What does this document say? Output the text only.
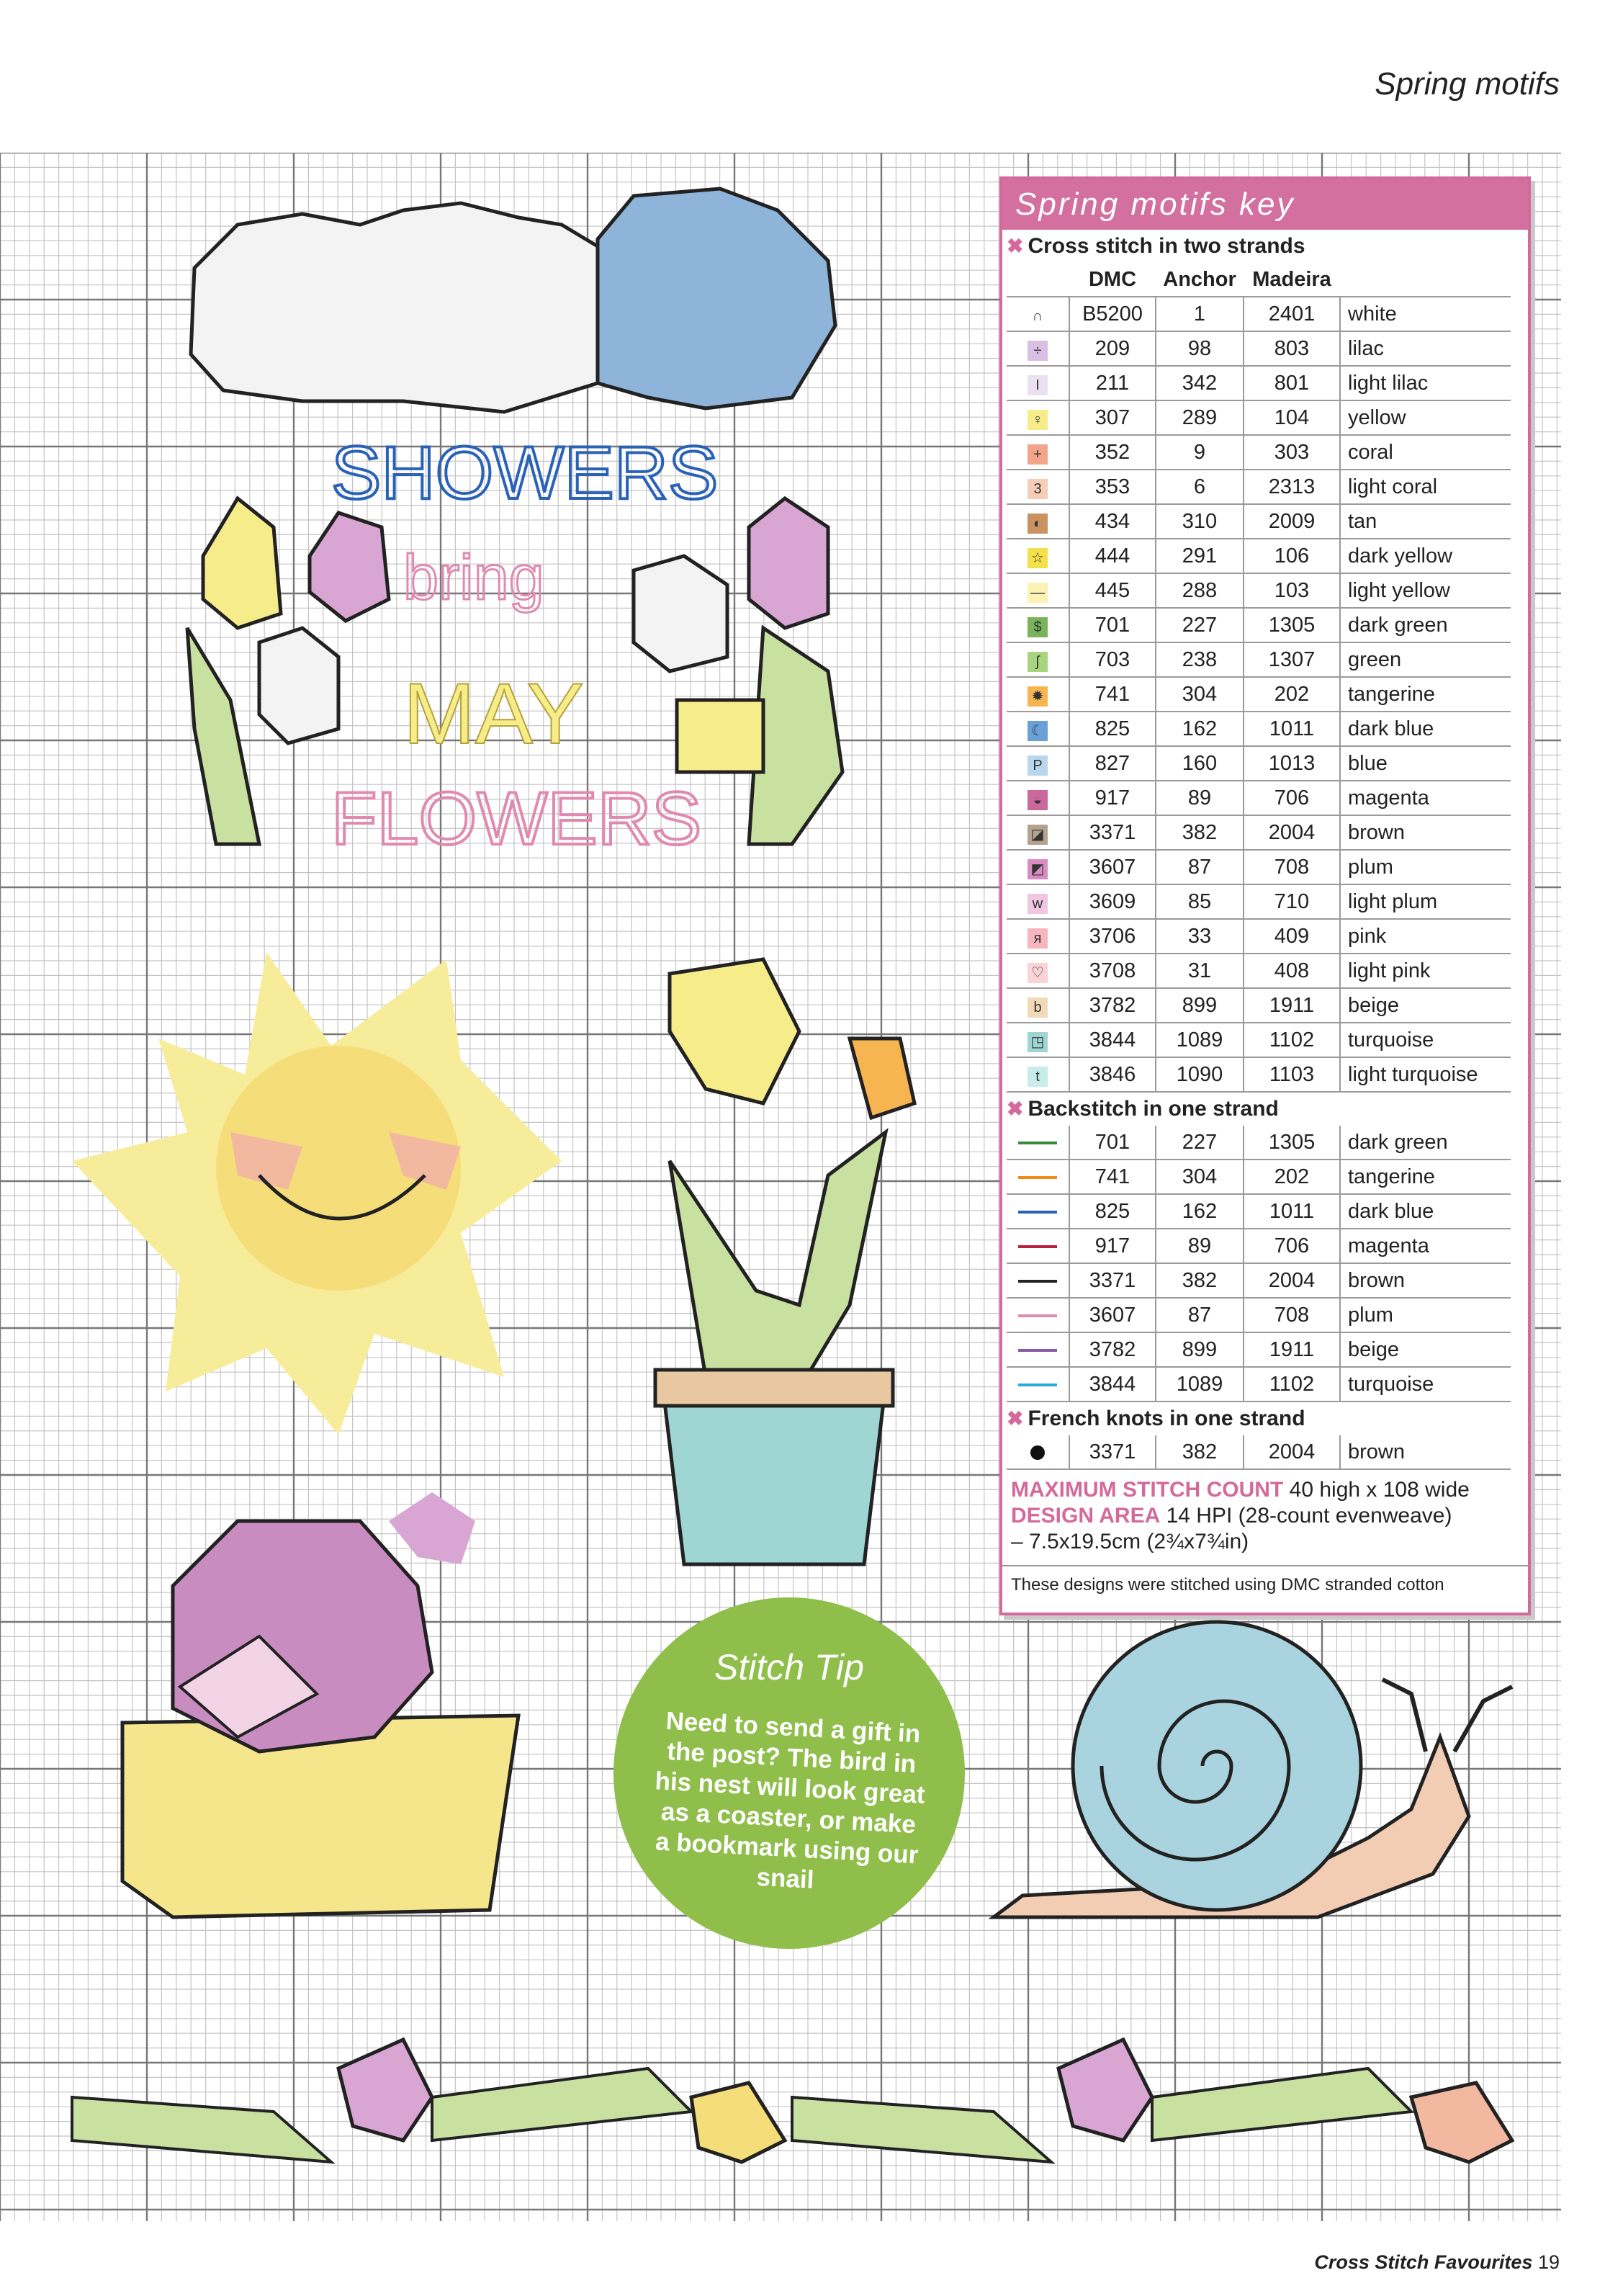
Spring motifs
SHOWERS
bring
MAY
FLOWERS
Spring motifs key
✖ Cross stitch in two strands
	DMC	Anchor	Madeira	
∩	B5200	1	2401	white
÷	209	98	803	lilac
I	211	342	801	light lilac
♀	307	289	104	yellow
+	352	9	303	coral
3	353	6	2313	light coral
◐	434	310	2009	tan
☆	444	291	106	dark yellow
—	445	288	103	light yellow
$	701	227	1305	dark green
ʃ	703	238	1307	green
✹	741	304	202	tangerine
☾	825	162	1011	dark blue
P	827	160	1013	blue
◒	917	89	706	magenta
◪	3371	382	2004	brown
◩	3607	87	708	plum
w	3609	85	710	light plum
я	3706	33	409	pink
♡	3708	31	408	light pink
b	3782	899	1911	beige
◳	3844	1089	1102	turquoise
t	3846	1090	1103	light turquoise
✖ Backstitch in one strand
	701	227	1305	dark green
	741	304	202	tangerine
	825	162	1011	dark blue
	917	89	706	magenta
	3371	382	2004	brown
	3607	87	708	plum
	3782	899	1911	beige
	3844	1089	1102	turquoise
✖ French knots in one strand
	3371	382	2004	brown
MAXIMUM STITCH COUNT 40 high x 108 wide
DESIGN AREA 14 HPI (28-count evenweave)
– 7.5x19.5cm (2¾x7¾in)
These designs were stitched using DMC stranded cotton
Stitch Tip
Need to send a gift in the post? The bird in his nest will look great as a coaster, or make a bookmark using our snail
Cross Stitch Favourites 19
